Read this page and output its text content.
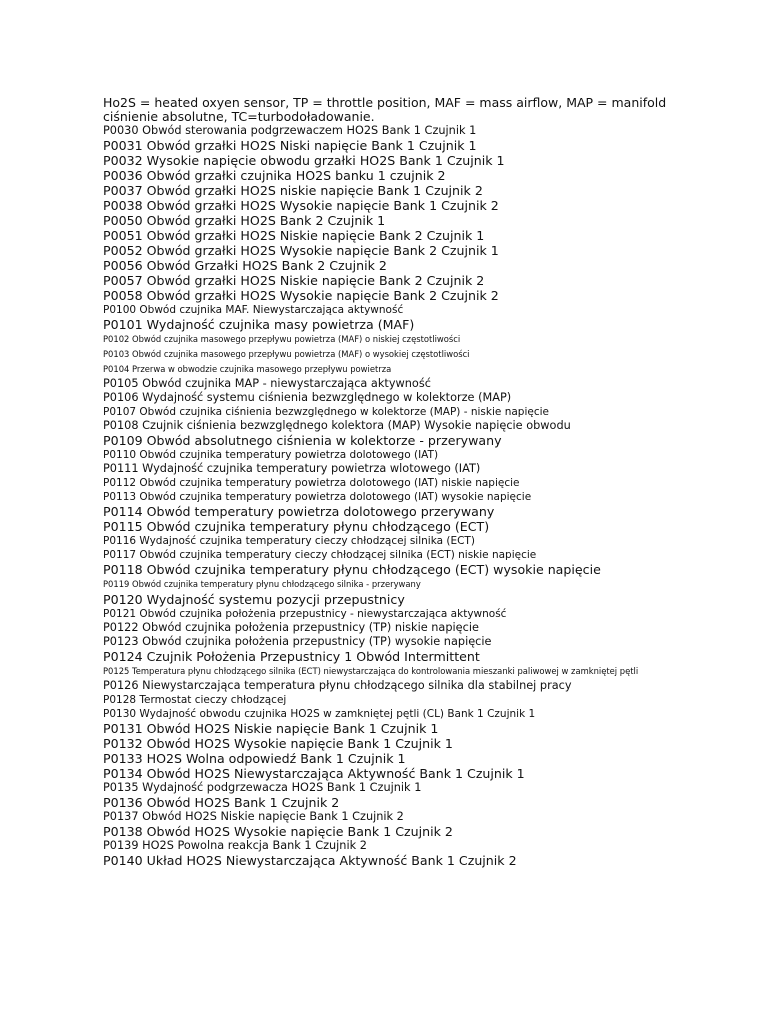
Ho2S = heated oxyen sensor, TP = throttle position, MAF = mass airflow, MAP = manifold

ciśnienie absolutne, TC=turbodoładowanie.

P0030 Obwód sterowania podgrzewaczem HO2S Bank 1 Czujnik 1

P0031 Obwód grzałki HO2S Niski napięcie Bank 1 Czujnik 1

P0032 Wysokie napięcie obwodu grzałki HO2S Bank 1 Czujnik 1

P0036 Obwód grzałki czujnika HO2S banku 1 czujnik 2

P0037 Obwód grzałki HO2S niskie napięcie Bank 1 Czujnik 2

P0038 Obwód grzałki HO2S Wysokie napięcie Bank 1 Czujnik 2

P0050 Obwód grzałki HO2S Bank 2 Czujnik 1

P0051 Obwód grzałki HO2S Niskie napięcie Bank 2 Czujnik 1

P0052 Obwód grzałki HO2S Wysokie napięcie Bank 2 Czujnik 1

P0056 Obwód Grzałki HO2S Bank 2 Czujnik 2

P0057 Obwód grzałki HO2S Niskie napięcie Bank 2 Czujnik 2

P0058 Obwód grzałki HO2S Wysokie napięcie Bank 2 Czujnik 2

P0100 Obwód czujnika MAF. Niewystarczająca aktywność

P0101 Wydajność czujnika masy powietrza (MAF)

P0102 Obwód czujnika masowego przepływu powietrza (MAF) o niskiej częstotliwości

P0103 Obwód czujnika masowego przepływu powietrza (MAF) o wysokiej częstotliwości

P0104 Przerwa w obwodzie czujnika masowego przepływu powietrza

P0105 Obwód czujnika MAP - niewystarczająca aktywność

P0106 Wydajność systemu ciśnienia bezwzględnego w kolektorze (MAP)

P0107 Obwód czujnika ciśnienia bezwzględnego w kolektorze (MAP) - niskie napięcie

P0108 Czujnik ciśnienia bezwzględnego kolektora (MAP) Wysokie napięcie obwodu

P0109 Obwód absolutnego ciśnienia w kolektorze - przerywany

P0110 Obwód czujnika temperatury powietrza dolotowego (IAT)

P0111 Wydajność czujnika temperatury powietrza wlotowego (IAT)

P0112 Obwód czujnika temperatury powietrza dolotowego (IAT) niskie napięcie

P0113 Obwód czujnika temperatury powietrza dolotowego (IAT) wysokie napięcie

P0114 Obwód temperatury powietrza dolotowego przerywany

P0115 Obwód czujnika temperatury płynu chłodzącego (ECT)

P0116 Wydajność czujnika temperatury cieczy chłodzącej silnika (ECT)

P0117 Obwód czujnika temperatury cieczy chłodzącej silnika (ECT) niskie napięcie

P0118 Obwód czujnika temperatury płynu chłodzącego (ECT) wysokie napięcie

P0119 Obwód czujnika temperatury płynu chłodzącego silnika - przerywany

P0120 Wydajność systemu pozycji przepustnicy

P0121 Obwód czujnika położenia przepustnicy - niewystarczająca aktywność

P0122 Obwód czujnika położenia przepustnicy (TP) niskie napięcie

P0123 Obwód czujnika położenia przepustnicy (TP) wysokie napięcie

P0124 Czujnik Położenia Przepustnicy 1 Obwód Intermittent

P0125 Temperatura płynu chłodzącego silnika (ECT) niewystarczająca do kontrolowania mieszanki paliwowej w zamkniętej pętli

P0126 Niewystarczająca temperatura płynu chłodzącego silnika dla stabilnej pracy

P0128 Termostat cieczy chłodzącej

P0130 Wydajność obwodu czujnika HO2S w zamkniętej pętli (CL) Bank 1 Czujnik 1

P0131 Obwód HO2S Niskie napięcie Bank 1 Czujnik 1

P0132 Obwód HO2S Wysokie napięcie Bank 1 Czujnik 1

P0133 HO2S Wolna odpowiedź Bank 1 Czujnik 1

P0134 Obwód HO2S Niewystarczająca Aktywność Bank 1 Czujnik 1

P0135 Wydajność podgrzewacza HO2S Bank 1 Czujnik 1

P0136 Obwód HO2S Bank 1 Czujnik 2

P0137 Obwód HO2S Niskie napięcie Bank 1 Czujnik 2

P0138 Obwód HO2S Wysokie napięcie Bank 1 Czujnik 2

P0139 HO2S Powolna reakcja Bank 1 Czujnik 2

P0140 Układ HO2S Niewystarczająca Aktywność Bank 1 Czujnik 2
